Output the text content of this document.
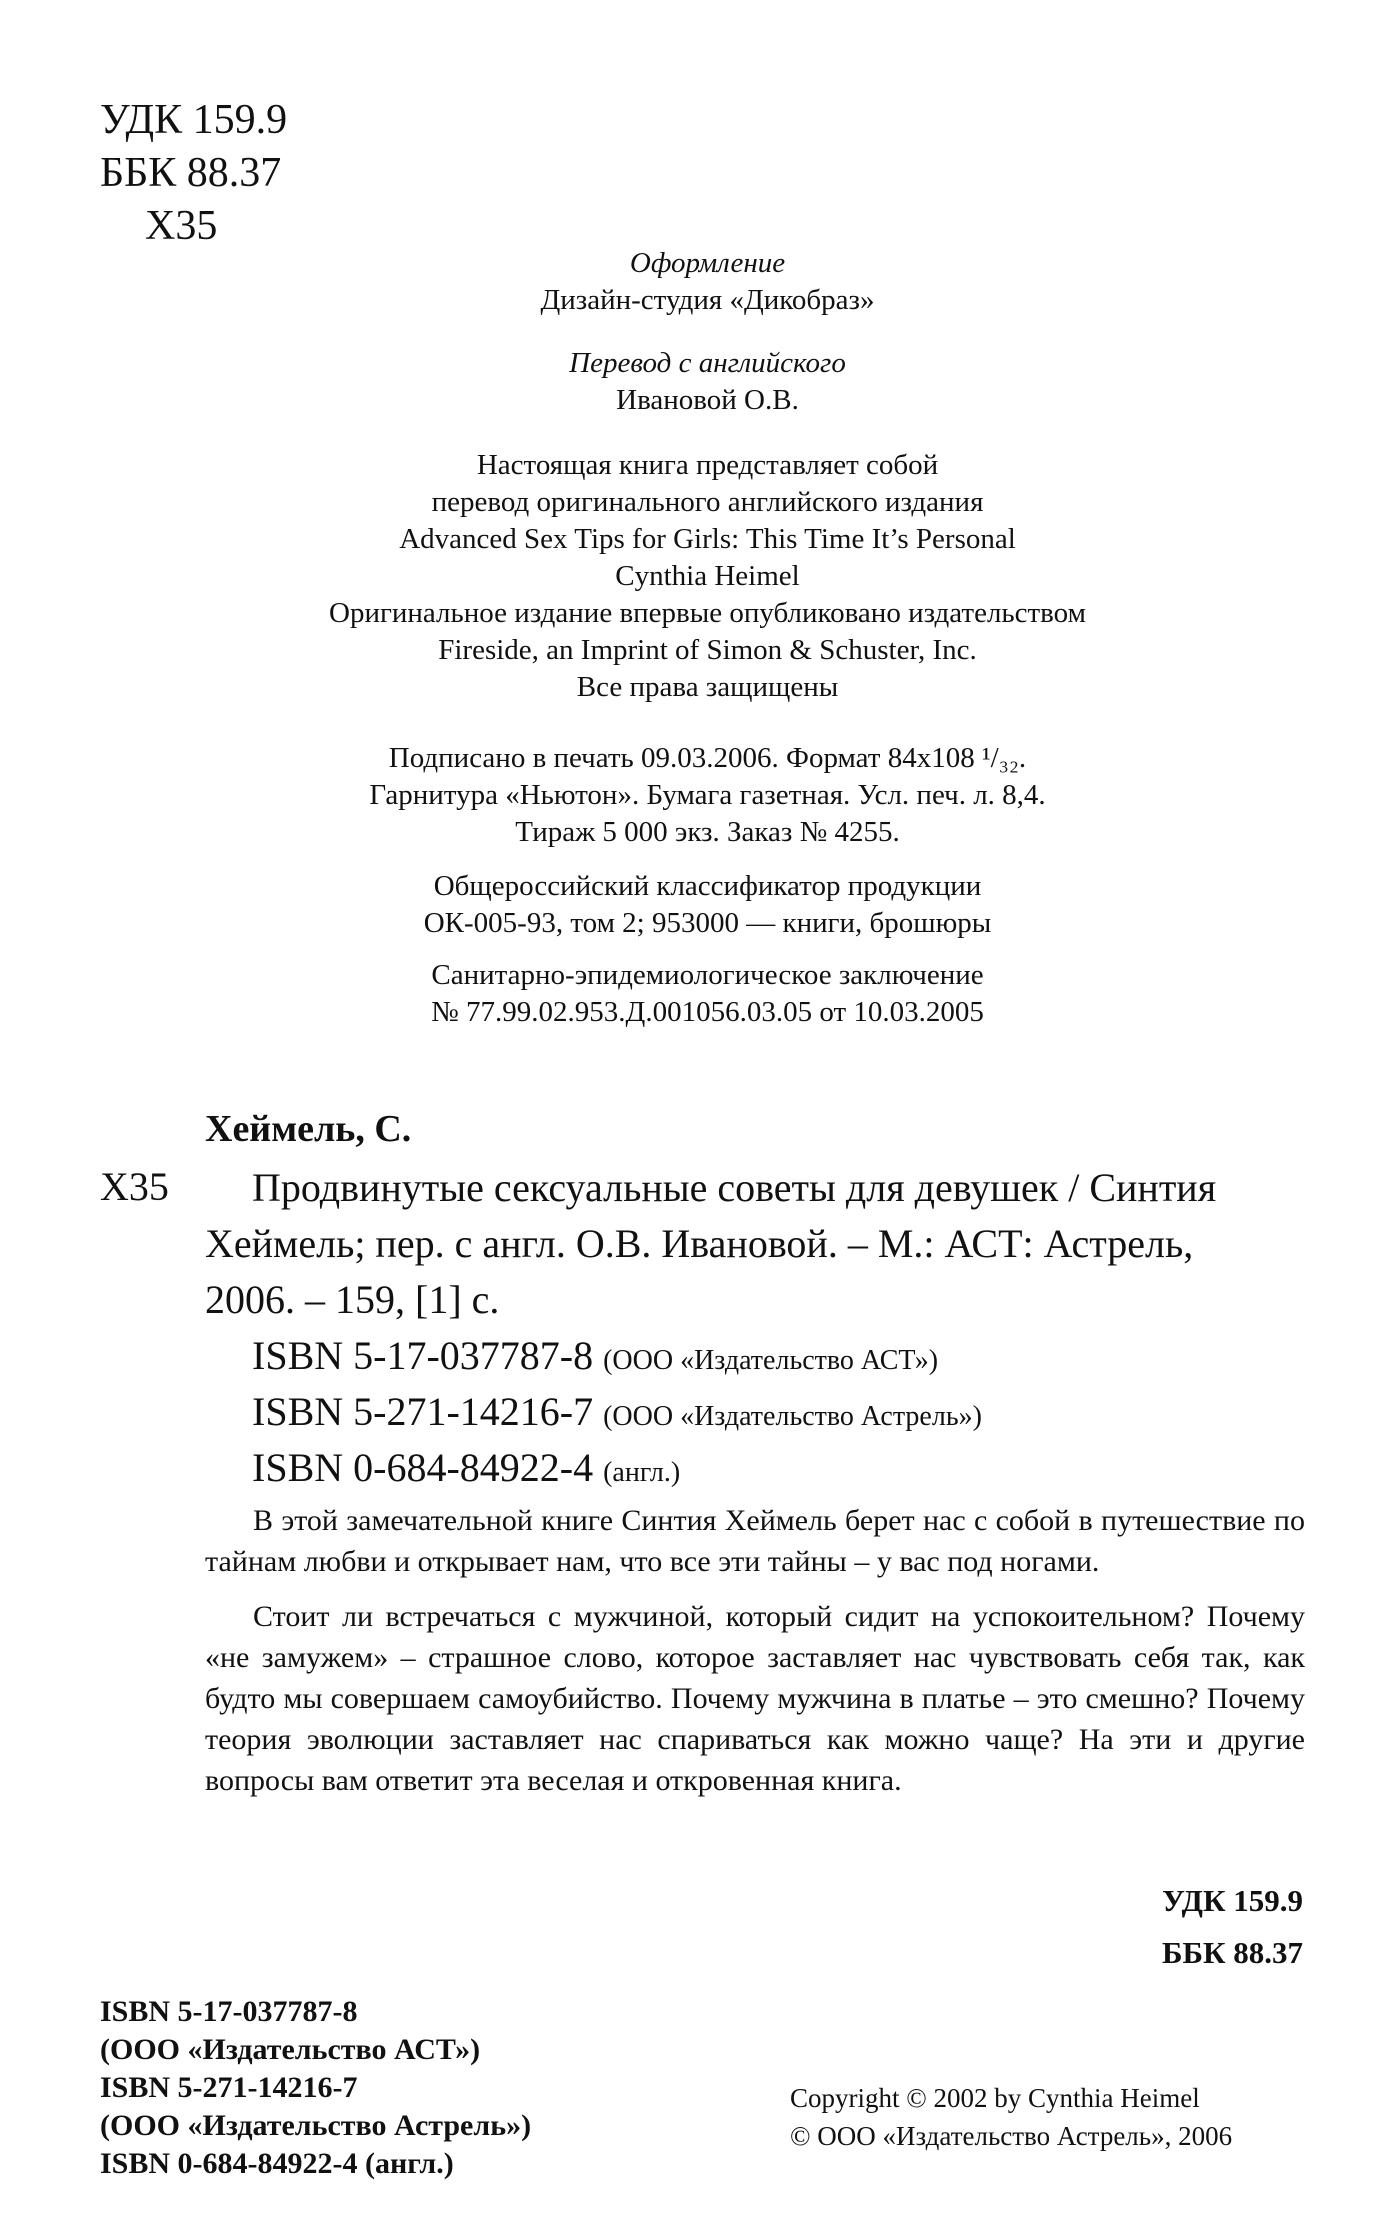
УДК 159.9
ББК 88.37
Х35
Оформление
Дизайн-студия «Дикобраз»
Перевод с английского
Ивановой О.В.
Настоящая книга представляет собой
перевод оригинального английского издания
Advanced Sex Tips for Girls: This Time It’s Personal
Cynthia Heimel
Оригинальное издание впервые опубликовано издательством
Fireside, an Imprint of Simon & Schuster, Inc.
Все права защищены
Подписано в печать 09.03.2006. Формат 84х108 ¹/₃₂.
Гарнитура «Ньютон». Бумага газетная. Усл. печ. л. 8,4.
Тираж 5 000 экз. Заказ № 4255.
Общероссийский классификатор продукции
ОК-005-93, том 2; 953000 — книги, брошюры
Санитарно-эпидемиологическое заключение
№ 77.99.02.953.Д.001056.03.05 от 10.03.2005
Хеймель, С.
Х35 Продвинутые сексуальные советы для девушек / Синтия
Хеймель; пер. с англ. О.В. Ивановой. – М.: АСТ: Астрель,
2006. – 159, [1] с.
ISBN 5-17-037787-8 (ООО «Издательство АСТ»)
ISBN 5-271-14216-7 (ООО «Издательство Астрель»)
ISBN 0-684-84922-4 (англ.)

В этой замечательной книге Синтия Хеймель берет нас с собой в путешествие по тайнам любви и открывает нам, что все эти тайны – у вас под ногами.

Стоит ли встречаться с мужчиной, который сидит на успокоительном? Почему «не замужем» – страшное слово, которое заставляет нас чувствовать себя так, как будто мы совершаем самоубийство. Почему мужчина в платье – это смешно? Почему теория эволюции заставляет нас спариваться как можно чаще? На эти и другие вопросы вам ответит эта веселая и откровенная книга.

УДК 159.9
ББК 88.37
ISBN 5-17-037787-8
(ООО «Издательство АСТ»)
ISBN 5-271-14216-7
(ООО «Издательство Астрель»)
ISBN 0-684-84922-4 (англ.)
Copyright © 2002 by Cynthia Heimel
© ООО «Издательство Астрель», 2006
